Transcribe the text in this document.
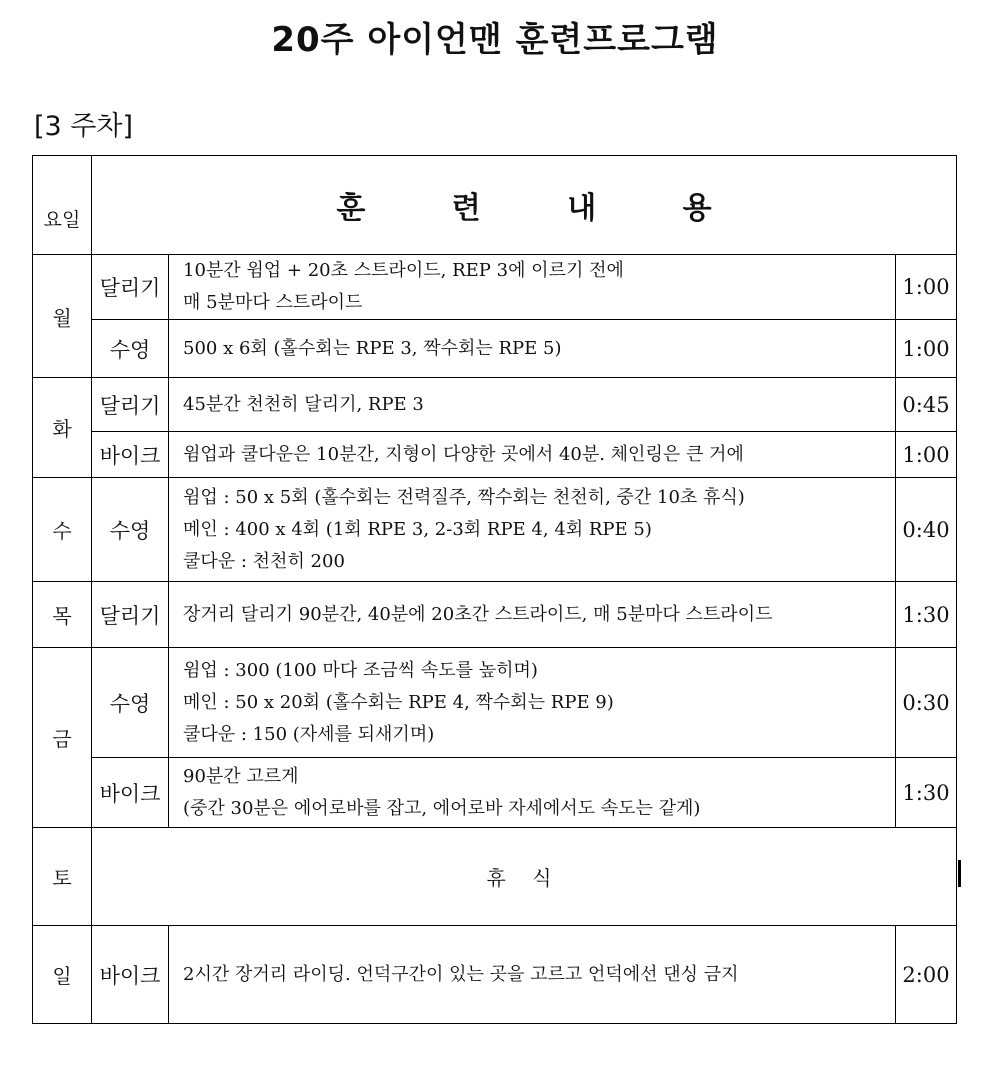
20주 아이언맨 훈련프로그램
[3 주차]
요일	훈 련 내 용		
월	달리기	10분간 윔업 + 20초 스트라이드, REP 3에 이르기 전에
매 5분마다 스트라이드	1:00
	수영	500 x 6회 (홀수회는 RPE 3, 짝수회는 RPE 5)	1:00
화	달리기	45분간 천천히 달리기, RPE 3	0:45
	바이크	윔업과 쿨다운은 10분간, 지형이 다양한 곳에서 40분. 체인링은 큰 거에	1:00
수	수영	윔업 : 50 x 5회 (홀수회는 전력질주, 짝수회는 천천히, 중간 10초 휴식)
메인 : 400 x 4회 (1회 RPE 3, 2-3회 RPE 4, 4회 RPE 5)
쿨다운 : 천천히 200	0:40
목	달리기	장거리 달리기 90분간, 40분에 20초간 스트라이드, 매 5분마다 스트라이드	1:30
금	수영	윔업 : 300 (100 마다 조금씩 속도를 높히며)
메인 : 50 x 20회 (홀수회는 RPE 4, 짝수회는 RPE 9)
쿨다운 : 150 (자세를 되새기며)	0:30
	바이크	90분간 고르게
(중간 30분은 에어로바를 잡고, 에어로바 자세에서도 속도는 같게)	1:30
토	휴 식		
일	바이크	2시간 장거리 라이딩. 언덕구간이 있는 곳을 고르고 언덕에선 댄싱 금지	2:00
